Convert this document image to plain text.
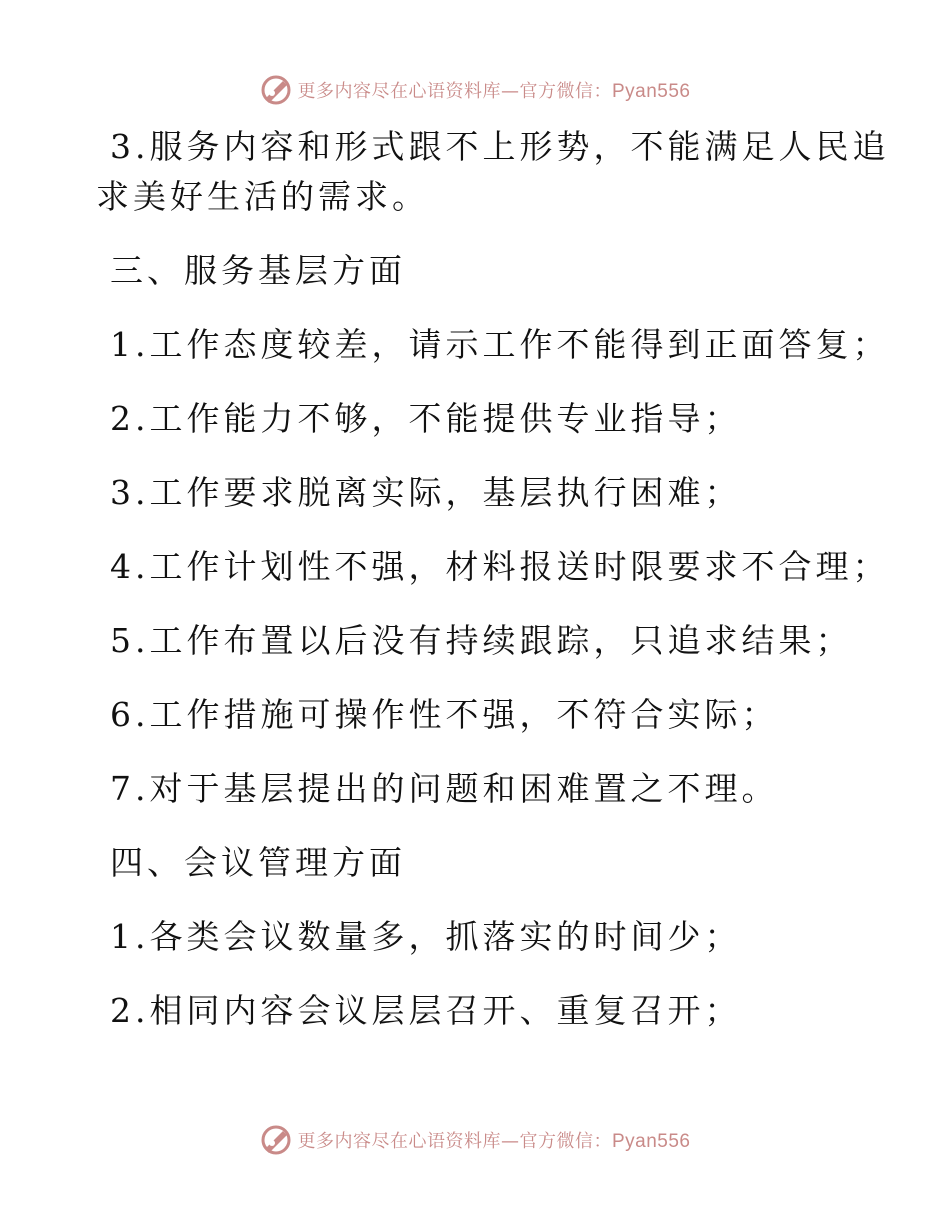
更多内容尽在心语资料库—官方微信：Pyan556
3.服务内容和形式跟不上形势，不能满足人民追
求美好生活的需求。
三、服务基层方面
1.工作态度较差，请示工作不能得到正面答复；
2.工作能力不够，不能提供专业指导；
3.工作要求脱离实际，基层执行困难；
4.工作计划性不强，材料报送时限要求不合理；
5.工作布置以后没有持续跟踪，只追求结果；
6.工作措施可操作性不强，不符合实际；
7.对于基层提出的问题和困难置之不理。
四、会议管理方面
1.各类会议数量多，抓落实的时间少；
2.相同内容会议层层召开、重复召开；
更多内容尽在心语资料库—官方微信：Pyan556
